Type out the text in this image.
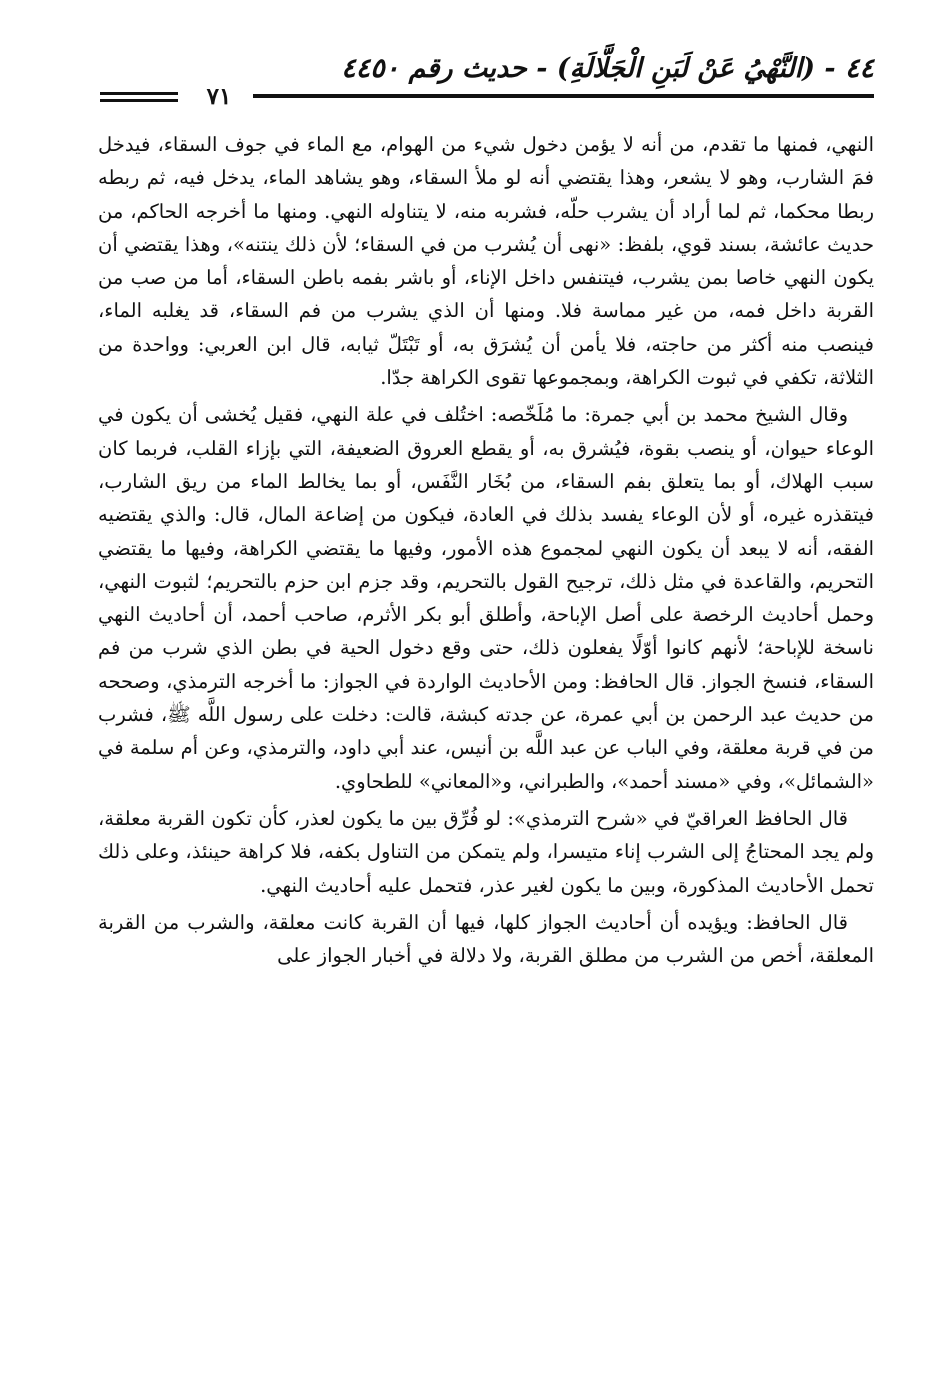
٤٤ - (النَّهْيُ عَنْ لَبَنِ الْجَلَّالَةِ) - حديث رقم ٤٤٥٠
٧١

النهي، فمنها ما تقدم، من أنه لا يؤمن دخول شيء من الهوام، مع الماء في جوف السقاء، فيدخل فمَ الشارب، وهو لا يشعر، وهذا يقتضي أنه لو ملأ السقاء، وهو يشاهد الماء، يدخل فيه، ثم ربطه ربطا محكما، ثم لما أراد أن يشرب حلّه، فشربه منه، لا يتناوله النهي. ومنها ما أخرجه الحاكم، من حديث عائشة، بسند قوي، بلفظ: «نهى أن يُشرب من في السقاء؛ لأن ذلك ينتنه»، وهذا يقتضي أن يكون النهي خاصا بمن يشرب، فيتنفس داخل الإناء، أو باشر بفمه باطن السقاء، أما من صب من القربة داخل فمه، من غير مماسة فلا. ومنها أن الذي يشرب من فم السقاء، قد يغلبه الماء، فينصب منه أكثر من حاجته، فلا يأمن أن يُشرَق به، أو تَبْتَلّ ثيابه، قال ابن العربي: وواحدة من الثلاثة، تكفي في ثبوت الكراهة، وبمجموعها تقوى الكراهة جدّا.

وقال الشيخ محمد بن أبي جمرة: ما مُلَخّصه: اختُلف في علة النهي، فقيل يُخشى أن يكون في الوعاء حيوان، أو ينصب بقوة، فيُشرق به، أو يقطع العروق الضعيفة، التي بإزاء القلب، فربما كان سبب الهلاك، أو بما يتعلق بفم السقاء، من بُخَار النَّفَس، أو بما يخالط الماء من ريق الشارب، فيتقذره غيره، أو لأن الوعاء يفسد بذلك في العادة، فيكون من إضاعة المال، قال: والذي يقتضيه الفقه، أنه لا يبعد أن يكون النهي لمجموع هذه الأمور، وفيها ما يقتضي الكراهة، وفيها ما يقتضي التحريم، والقاعدة في مثل ذلك، ترجيح القول بالتحريم، وقد جزم ابن حزم بالتحريم؛ لثبوت النهي، وحمل أحاديث الرخصة على أصل الإباحة، وأطلق أبو بكر الأثرم، صاحب أحمد، أن أحاديث النهي ناسخة للإباحة؛ لأنهم كانوا أوّلًا يفعلون ذلك، حتى وقع دخول الحية في بطن الذي شرب من فم السقاء، فنسخ الجواز. قال الحافظ: ومن الأحاديث الواردة في الجواز: ما أخرجه الترمذي، وصححه من حديث عبد الرحمن بن أبي عمرة، عن جدته كبشة، قالت: دخلت على رسول اللَّه ﷺ، فشرب من في قربة معلقة، وفي الباب عن عبد اللَّه بن أنيس، عند أبي داود، والترمذي، وعن أم سلمة في «الشمائل»، وفي «مسند أحمد»، والطبراني، و«المعاني» للطحاوي.

قال الحافظ العراقيّ في «شرح الترمذي»: لو فُرِّق بين ما يكون لعذر، كأن تكون القربة معلقة، ولم يجد المحتاجُ إلى الشرب إناء متيسرا، ولم يتمكن من التناول بكفه، فلا كراهة حينئذ، وعلى ذلك تحمل الأحاديث المذكورة، وبين ما يكون لغير عذر، فتحمل عليه أحاديث النهي.

قال الحافظ: ويؤيده أن أحاديث الجواز كلها، فيها أن القربة كانت معلقة، والشرب من القربة المعلقة، أخص من الشرب من مطلق القربة، ولا دلالة في أخبار الجواز على
